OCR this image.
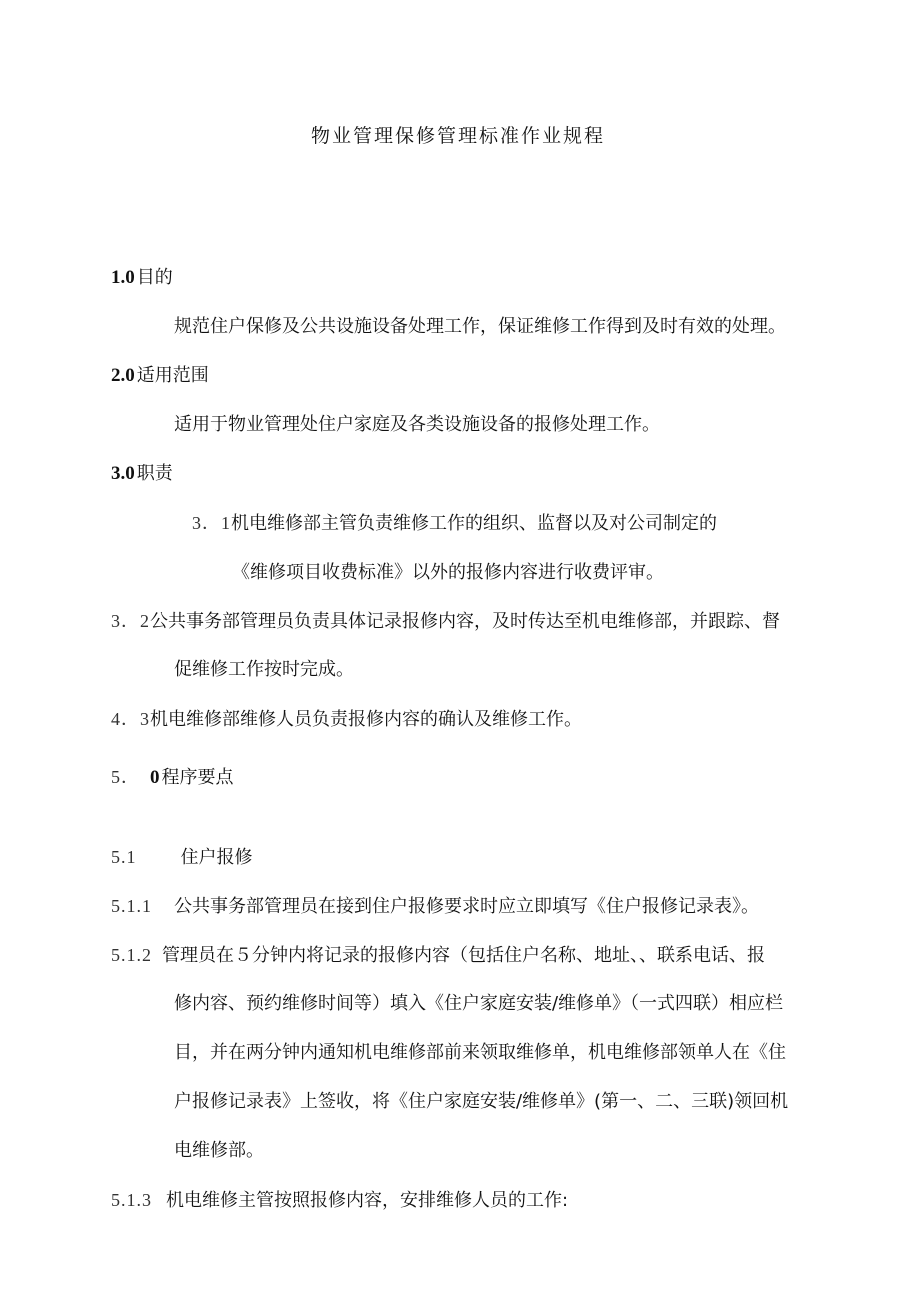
物业管理保修管理标准作业规程
1.0 目的
规范住户保修及公共设施设备处理工作，保证维修工作得到及时有效的处理。
2.0 适用范围
适用于物业管理处住户家庭及各类设施设备的报修处理工作。
3.0 职责
3．1机电维修部主管负责维修工作的组织、监督以及对公司制定的
《维修项目收费标准》以外的报修内容进行收费评审。
3．2公共事务部管理员负责具体记录报修内容，及时传达至机电维修部，并跟踪、督
促维修工作按时完成。
4．3机电维修部维修人员负责报修内容的确认及维修工作。
5． 0 程序要点
5.1 住户报修
5.1.1 公共事务部管理员在接到住户报修要求时应立即填写《住户报修记录表》。
5.1.2 管理员在５分钟内将记录的报修内容（包括住户名称、地址、、联系电话、报
修内容、预约维修时间等）填入《住户家庭安装/维修单》（一式四联）相应栏
目，并在两分钟内通知机电维修部前来领取维修单，机电维修部领单人在《住
户报修记录表》上签收，将《住户家庭安装/维修单》(第一、二、三联)领回机
电维修部。
5.1.3 机电维修主管按照报修内容，安排维修人员的工作:
